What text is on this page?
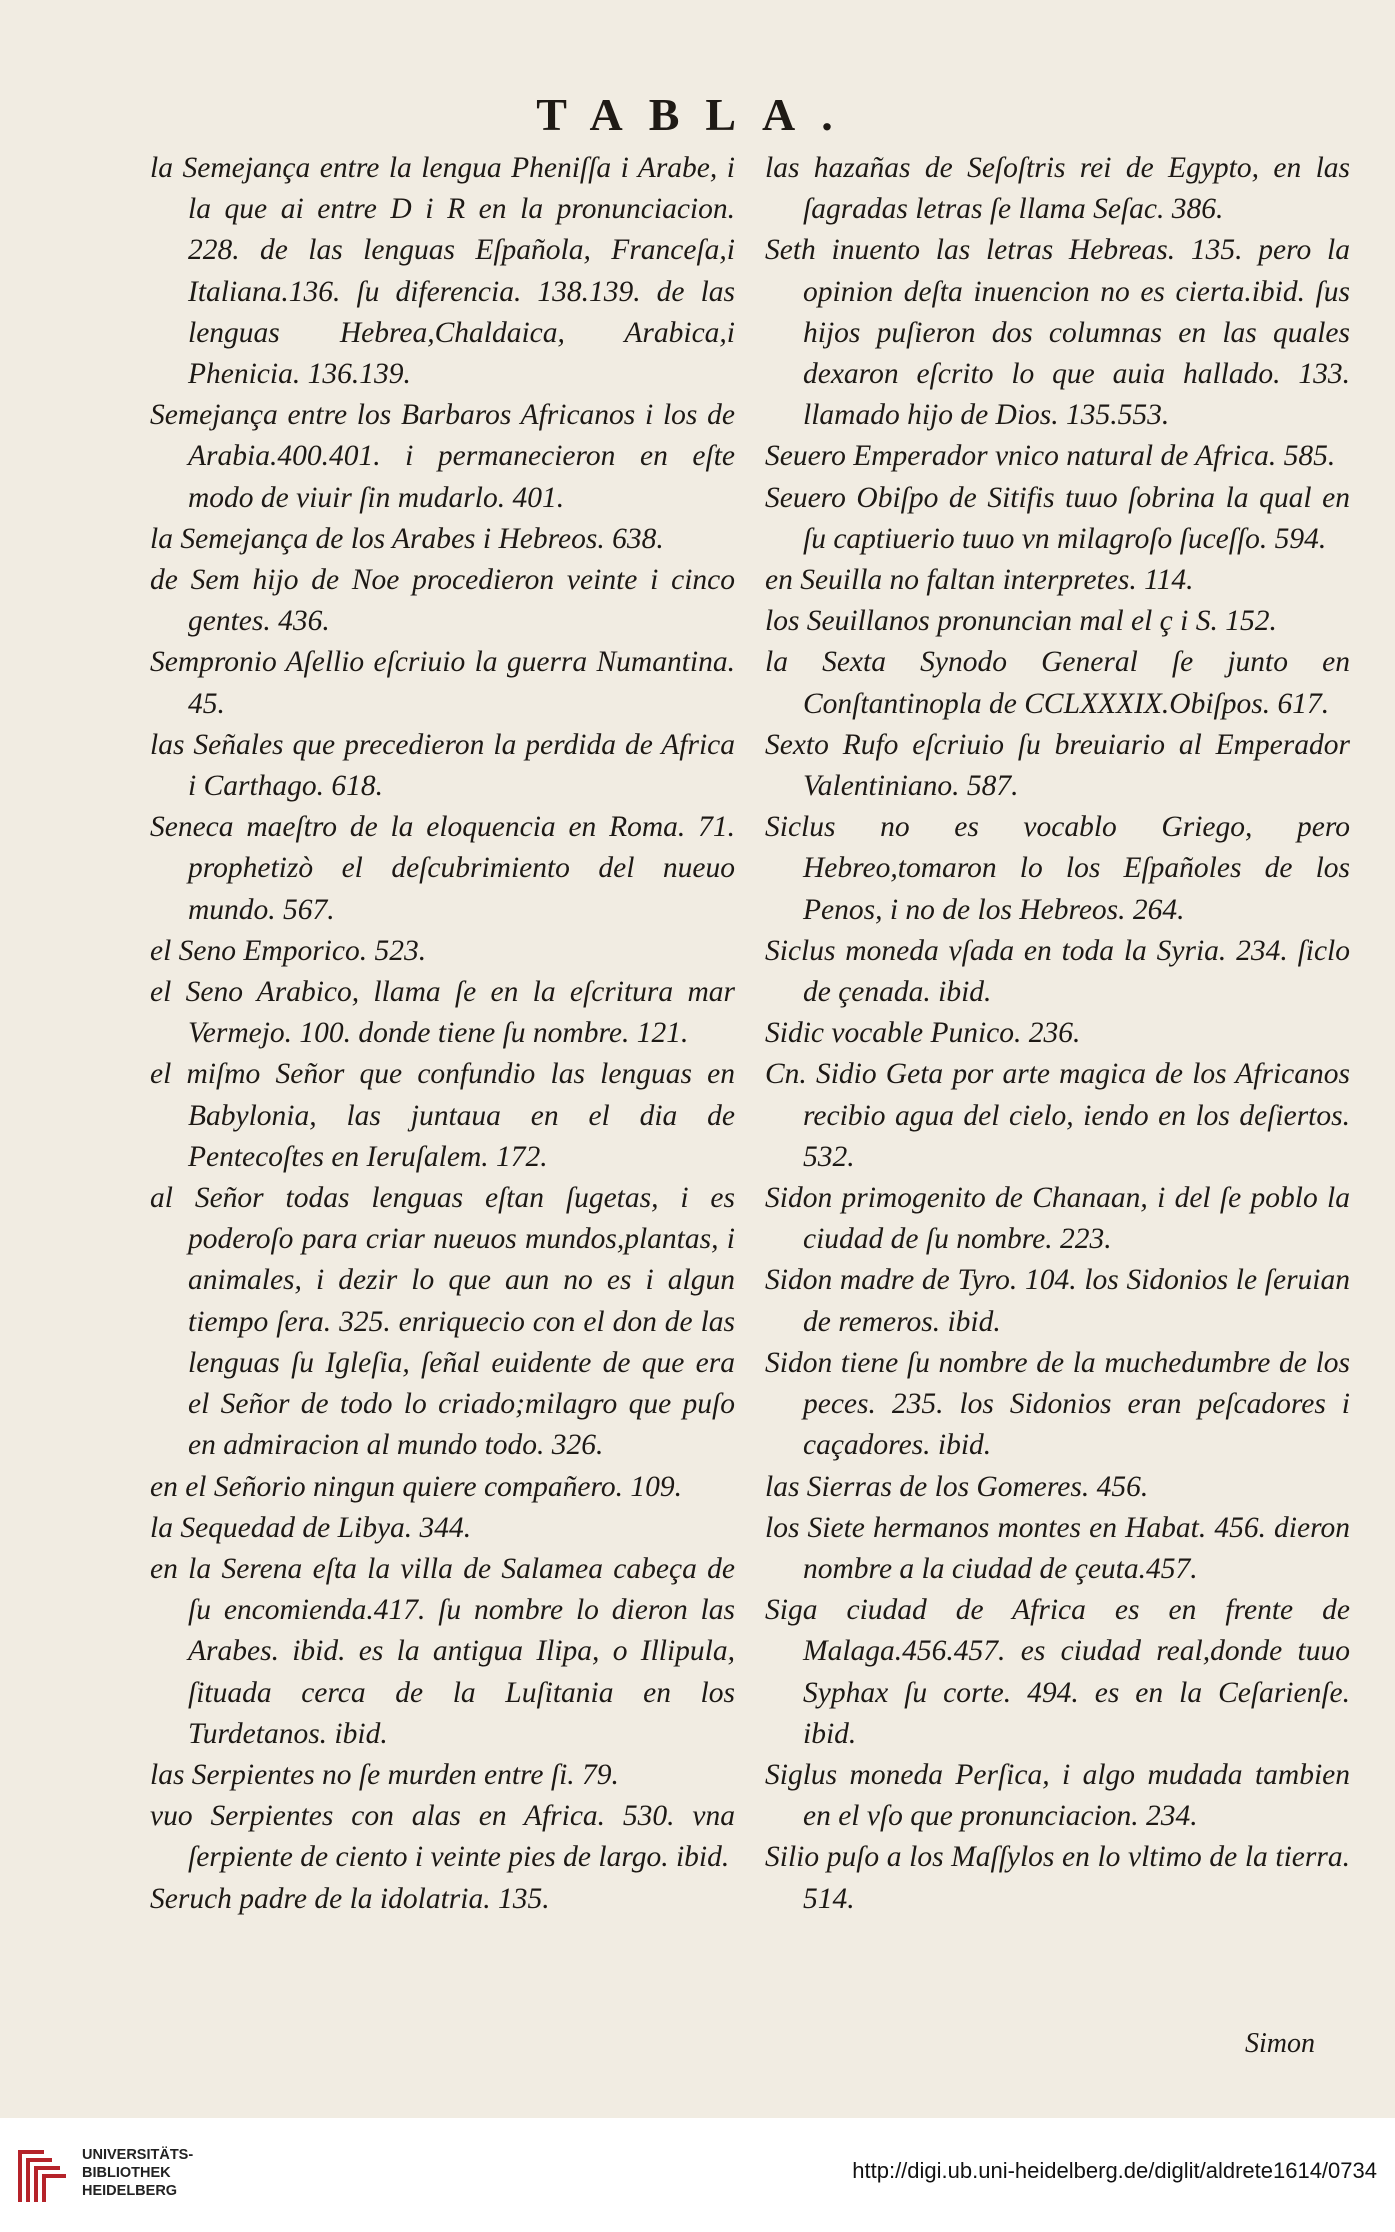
TABLA.

la Semejança entre la lengua Pheniſſa i Arabe, i la que ai entre D i R en la pronunciacion. 228. de las lenguas Eſpañola, Franceſa,i Italiana.136. ſu diferencia. 138.139. de las lenguas Hebrea,Chaldaica, Arabica,i Phenicia. 136.139.

Semejança entre los Barbaros Africanos i los de Arabia.400.401. i permanecieron en eſte modo de viuir ſin mudarlo. 401.

la Semejança de los Arabes i Hebreos. 638.

de Sem hijo de Noe procedieron veinte i cinco gentes. 436.

Sempronio Aſellio eſcriuio la guerra Numantina. 45.

las Señales que precedieron la perdida de Africa i Carthago. 618.

Seneca maeſtro de la eloquencia en Roma. 71. prophetizò el deſcubrimiento del nueuo mundo. 567.

el Seno Emporico. 523.

el Seno Arabico, llama ſe en la eſcritura mar Vermejo. 100. donde tiene ſu nombre. 121.

el miſmo Señor que confundio las lenguas en Babylonia, las juntaua en el dia de Pentecoſtes en Ieruſalem. 172.

al Señor todas lenguas eſtan ſugetas, i es poderoſo para criar nueuos mundos,plantas, i animales, i dezir lo que aun no es i algun tiempo ſera. 325. enriquecio con el don de las lenguas ſu Igleſia, ſeñal euidente de que era el Señor de todo lo criado;milagro que puſo en admiracion al mundo todo. 326.

en el Señorio ningun quiere compañero. 109.

la Sequedad de Libya. 344.

en la Serena eſta la villa de Salamea cabeça de ſu encomienda.417. ſu nombre lo dieron las Arabes. ibid. es la antigua Ilipa, o Illipula, ſituada cerca de la Luſitania en los Turdetanos. ibid.

las Serpientes no ſe murden entre ſi. 79.

vuo Serpientes con alas en Africa. 530. vna ſerpiente de ciento i veinte pies de largo. ibid.

Seruch padre de la idolatria. 135.

las hazañas de Seſoſtris rei de Egypto, en las ſagradas letras ſe llama Seſac. 386.

Seth inuento las letras Hebreas. 135. pero la opinion deſta inuencion no es cierta.ibid. ſus hijos puſieron dos columnas en las quales dexaron eſcrito lo que auia hallado. 133. llamado hijo de Dios. 135.553.

Seuero Emperador vnico natural de Africa. 585.

Seuero Obiſpo de Sitifis tuuo ſobrina la qual en ſu captiuerio tuuo vn milagroſo ſuceſſo. 594.

en Seuilla no faltan interpretes. 114.

los Seuillanos pronuncian mal el ç i S. 152.

la Sexta Synodo General ſe junto en Conſtantinopla de CCLXXXIX.Obiſpos. 617.

Sexto Rufo eſcriuio ſu breuiario al Emperador Valentiniano. 587.

Siclus no es vocablo Griego, pero Hebreo,tomaron lo los Eſpañoles de los Penos, i no de los Hebreos. 264.

Siclus moneda vſada en toda la Syria. 234. ſiclo de çenada. ibid.

Sidic vocable Punico. 236.

Cn. Sidio Geta por arte magica de los Africanos recibio agua del cielo, iendo en los deſiertos. 532.

Sidon primogenito de Chanaan, i del ſe poblo la ciudad de ſu nombre. 223.

Sidon madre de Tyro. 104. los Sidonios le ſeruian de remeros. ibid.

Sidon tiene ſu nombre de la muchedumbre de los peces. 235. los Sidonios eran peſcadores i caçadores. ibid.

las Sierras de los Gomeres. 456.

los Siete hermanos montes en Habat. 456. dieron nombre a la ciudad de çeuta.457.

Siga ciudad de Africa es en frente de Malaga.456.457. es ciudad real,donde tuuo Syphax ſu corte. 494. es en la Ceſarienſe. ibid.

Siglus moneda Perſica, i algo mudada tambien en el vſo que pronunciacion. 234.

Silio puſo a los Maſſylos en lo vltimo de la tierra. 514.

Simon
UNIVERSITÄTS-
BIBLIOTHEK
HEIDELBERG
http://digi.ub.uni-heidelberg.de/diglit/aldrete1614/0734
